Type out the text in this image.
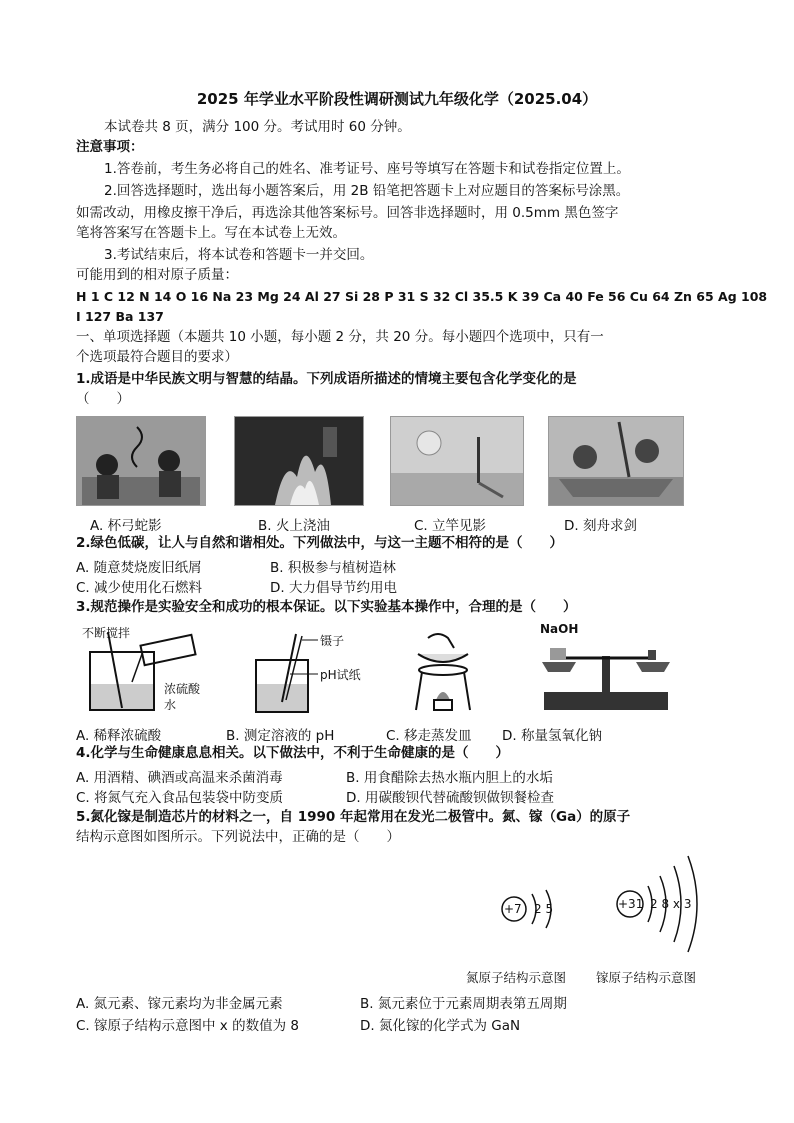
2025 年学业水平阶段性调研测试九年级化学（2025.04）
本试卷共 8 页，满分 100 分。考试用时 60 分钟。
注意事项：
1.答卷前，考生务必将自己的姓名、准考证号、座号等填写在答题卡和试卷指定位置上。
2.回答选择题时，选出每小题答案后，用 2B 铅笔把答题卡上对应题目的答案标号涂黑。
如需改动，用橡皮擦干净后，再选涂其他答案标号。回答非选择题时，用 0.5mm 黑色签字
笔将答案写在答题卡上。写在本试卷上无效。
3.考试结束后，将本试卷和答题卡一并交回。
可能用到的相对原子质量：
H 1 C 12 N 14 O 16 Na 23 Mg 24 Al 27 Si 28 P 31 S 32 Cl 35.5 K 39 Ca 40 Fe 56 Cu 64 Zn 65 Ag 108
I 127 Ba 137
一、单项选择题（本题共 10 小题，每小题 2 分，共 20 分。每小题四个选项中，只有一
个选项最符合题目的要求）
1.成语是中华民族文明与智慧的结晶。下列成语所描述的情境主要包含化学变化的是
（　　）
A. 杯弓蛇影	B. 火上浇油	C. 立竿见影	D. 刻舟求剑
2.绿色低碳，让人与自然和谐相处。下列做法中，与这一主题不相符的是（　　）
A. 随意焚烧废旧纸屑	B. 积极参与植树造林
C. 减少使用化石燃料	D. 大力倡导节约用电
3.规范操作是实验安全和成功的根本保证。以下实验基本操作中，合理的是（　　）
不断搅拌
浓硫酸
水
镊子
pH试纸
NaOH
A. 稀释浓硫酸	B. 测定溶液的 pH	C. 移走蒸发皿 D. 称量氢氧化钠
4.化学与生命健康息息相关。以下做法中，不利于生命健康的是（　　）
A. 用酒精、碘酒或高温来杀菌消毒	B. 用食醋除去热水瓶内胆上的水垢
C. 将氮气充入食品包装袋中防变质	D. 用碳酸钡代替硫酸钡做钡餐检查
5.氮化镓是制造芯片的材料之一，自 1990 年起常用在发光二极管中。氮、镓（Ga）的原子
结构示意图如图所示。下列说法中，正确的是（　　）
+7 2 5	+31 2 8 x 3
氮原子结构示意图 镓原子结构示意图
A. 氮元素、镓元素均为非金属元素	B. 氮元素位于元素周期表第五周期
C. 镓原子结构示意图中 x 的数值为 8	D. 氮化镓的化学式为 GaN
